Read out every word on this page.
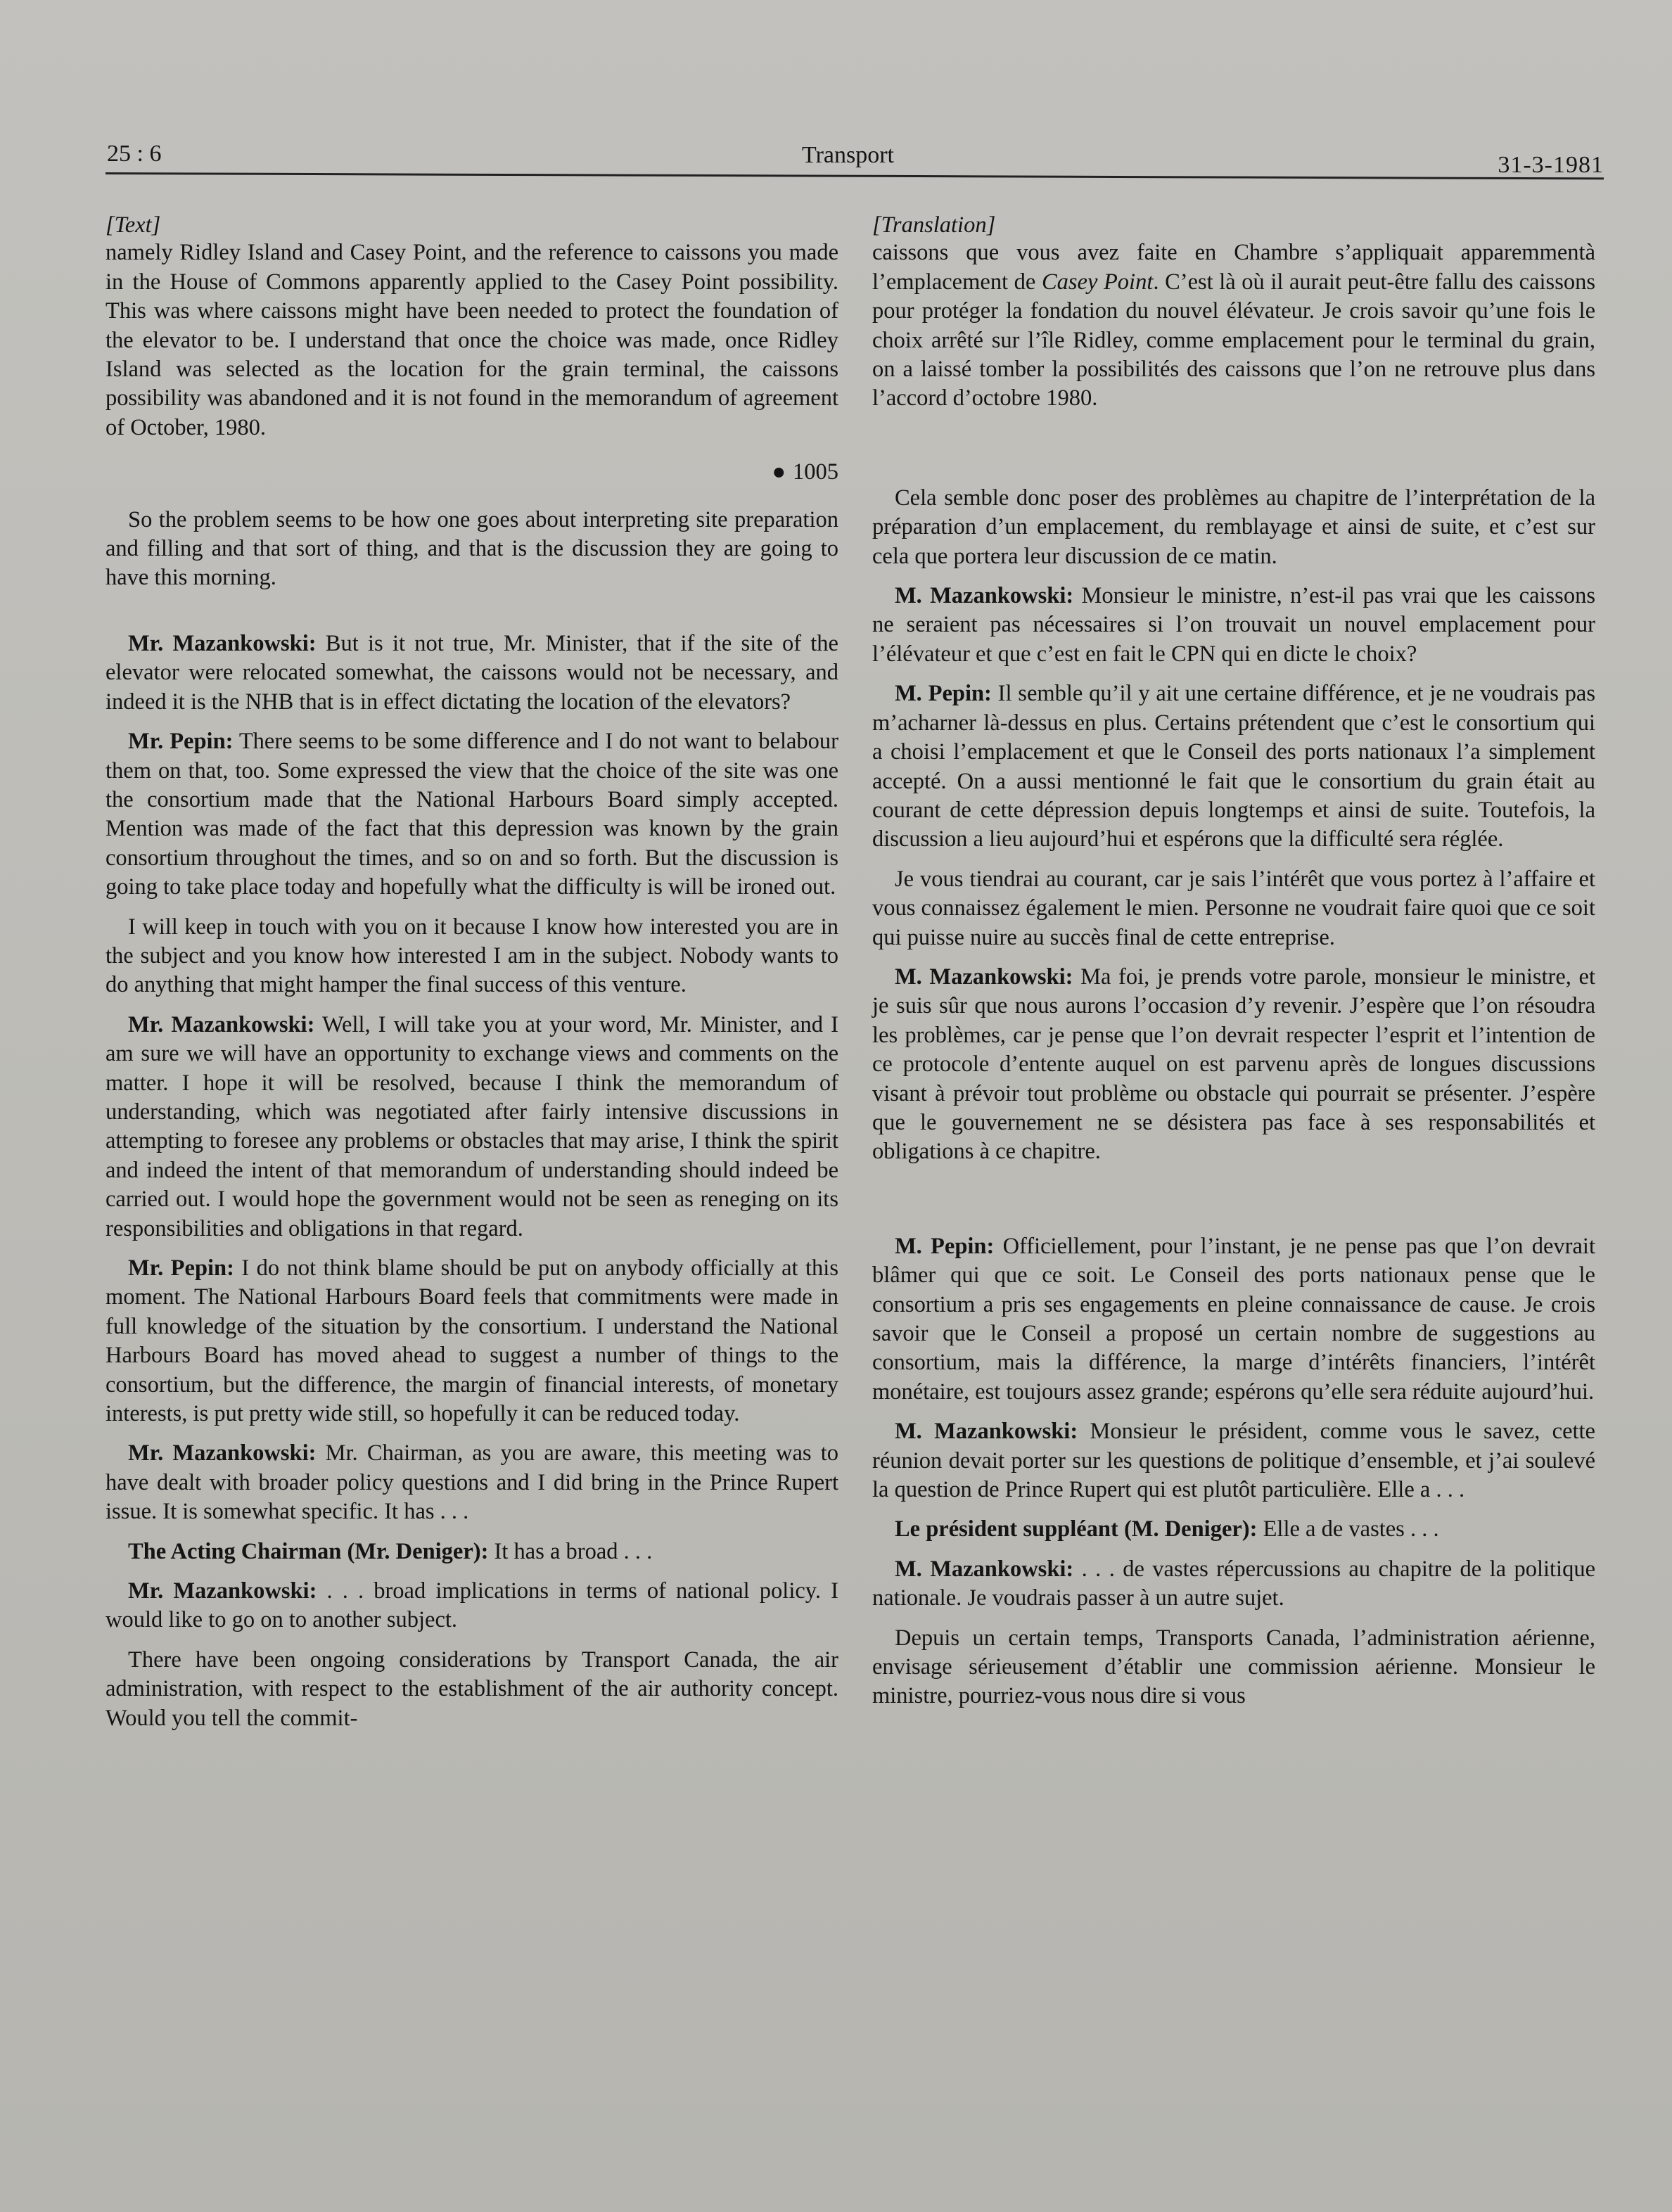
25 : 6	Transport	31-3-1981

[Text]

namely Ridley Island and Casey Point, and the reference to caissons you made in the House of Commons apparently applied to the Casey Point possibility. This was where caissons might have been needed to protect the foundation of the elevator to be. I understand that once the choice was made, once Ridley Island was selected as the location for the grain terminal, the caissons possibility was abandoned and it is not found in the memorandum of agreement of October, 1980.

● 1005

So the problem seems to be how one goes about interpreting site preparation and filling and that sort of thing, and that is the discussion they are going to have this morning.

Mr. Mazankowski: But is it not true, Mr. Minister, that if the site of the elevator were relocated somewhat, the caissons would not be necessary, and indeed it is the NHB that is in effect dictating the location of the elevators?

Mr. Pepin: There seems to be some difference and I do not want to belabour them on that, too. Some expressed the view that the choice of the site was one the consortium made that the National Harbours Board simply accepted. Mention was made of the fact that this depression was known by the grain consortium throughout the times, and so on and so forth. But the discussion is going to take place today and hopefully what the difficulty is will be ironed out.

I will keep in touch with you on it because I know how interested you are in the subject and you know how interested I am in the subject. Nobody wants to do anything that might hamper the final success of this venture.

Mr. Mazankowski: Well, I will take you at your word, Mr. Minister, and I am sure we will have an opportunity to exchange views and comments on the matter. I hope it will be resolved, because I think the memorandum of understanding, which was negotiated after fairly intensive discussions in attempting to foresee any problems or obstacles that may arise, I think the spirit and indeed the intent of that memorandum of understanding should indeed be carried out. I would hope the government would not be seen as reneging on its responsibilities and obligations in that regard.

Mr. Pepin: I do not think blame should be put on anybody officially at this moment. The National Harbours Board feels that commitments were made in full knowledge of the situation by the consortium. I understand the National Harbours Board has moved ahead to suggest a number of things to the consortium, but the difference, the margin of financial interests, of monetary interests, is put pretty wide still, so hopefully it can be reduced today.

Mr. Mazankowski: Mr. Chairman, as you are aware, this meeting was to have dealt with broader policy questions and I did bring in the Prince Rupert issue. It is somewhat specific. It has . . .

The Acting Chairman (Mr. Deniger): It has a broad . . .

Mr. Mazankowski: . . . broad implications in terms of national policy. I would like to go on to another subject.

There have been ongoing considerations by Transport Canada, the air administration, with respect to the establishment of the air authority concept. Would you tell the commit-

[Translation]

caissons que vous avez faite en Chambre s’appliquait apparemmentà l’emplacement de Casey Point. C’est là où il aurait peut-être fallu des caissons pour protéger la fondation du nouvel élévateur. Je crois savoir qu’une fois le choix arrêté sur l’île Ridley, comme emplacement pour le terminal du grain, on a laissé tomber la possibilités des caissons que l’on ne retrouve plus dans l’accord d’octobre 1980.

Cela semble donc poser des problèmes au chapitre de l’interprétation de la préparation d’un emplacement, du remblayage et ainsi de suite, et c’est sur cela que portera leur discussion de ce matin.

M. Mazankowski: Monsieur le ministre, n’est-il pas vrai que les caissons ne seraient pas nécessaires si l’on trouvait un nouvel emplacement pour l’élévateur et que c’est en fait le CPN qui en dicte le choix?

M. Pepin: Il semble qu’il y ait une certaine différence, et je ne voudrais pas m’acharner là-dessus en plus. Certains prétendent que c’est le consortium qui a choisi l’emplacement et que le Conseil des ports nationaux l’a simplement accepté. On a aussi mentionné le fait que le consortium du grain était au courant de cette dépression depuis longtemps et ainsi de suite. Toutefois, la discussion a lieu aujourd’hui et espérons que la difficulté sera réglée.

Je vous tiendrai au courant, car je sais l’intérêt que vous portez à l’affaire et vous connaissez également le mien. Personne ne voudrait faire quoi que ce soit qui puisse nuire au succès final de cette entreprise.

M. Mazankowski: Ma foi, je prends votre parole, monsieur le ministre, et je suis sûr que nous aurons l’occasion d’y revenir. J’espère que l’on résoudra les problèmes, car je pense que l’on devrait respecter l’esprit et l’intention de ce protocole d’entente auquel on est parvenu après de longues discussions visant à prévoir tout problème ou obstacle qui pourrait se présenter. J’espère que le gouvernement ne se désistera pas face à ses responsabilités et obligations à ce chapitre.

M. Pepin: Officiellement, pour l’instant, je ne pense pas que l’on devrait blâmer qui que ce soit. Le Conseil des ports nationaux pense que le consortium a pris ses engagements en pleine connaissance de cause. Je crois savoir que le Conseil a proposé un certain nombre de suggestions au consortium, mais la différence, la marge d’intérêts financiers, l’intérêt monétaire, est toujours assez grande; espérons qu’elle sera réduite aujourd’hui.

M. Mazankowski: Monsieur le président, comme vous le savez, cette réunion devait porter sur les questions de politique d’ensemble, et j’ai soulevé la question de Prince Rupert qui est plutôt particulière. Elle a . . .

Le président suppléant (M. Deniger): Elle a de vastes . . .

M. Mazankowski: . . . de vastes répercussions au chapitre de la politique nationale. Je voudrais passer à un autre sujet.

Depuis un certain temps, Transports Canada, l’administration aérienne, envisage sérieusement d’établir une commission aérienne. Monsieur le ministre, pourriez-vous nous dire si vous
